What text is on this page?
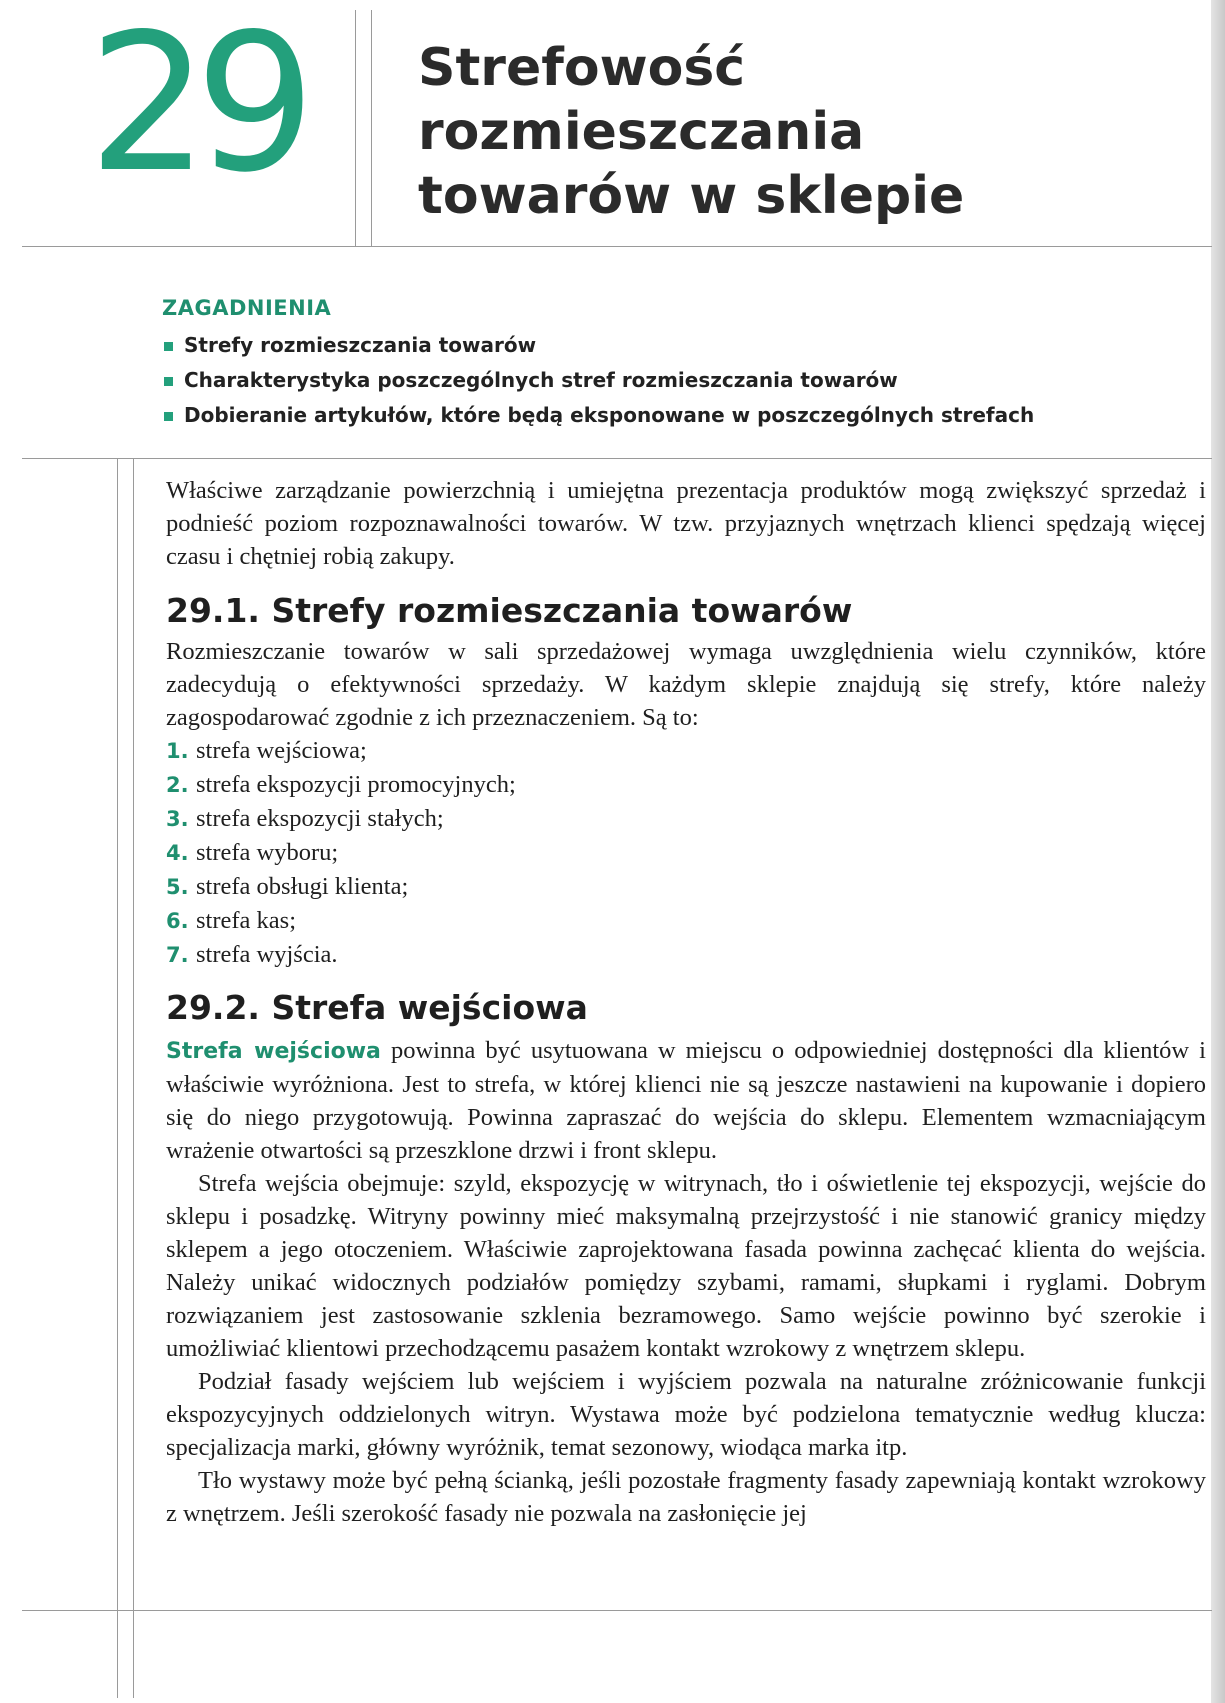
29 Strefowość rozmieszczania
towarów w sklepie
ZAGADNIENIA
Strefy rozmieszczania towarów
Charakterystyka poszczególnych stref rozmieszczania towarów
Dobieranie artykułów, które będą eksponowane w poszczególnych strefach

Właściwe zarządzanie powierzchnią i umiejętna prezentacja produktów mogą zwiększyć sprzedaż i podnieść poziom rozpoznawalności towarów. W tzw. przyjaznych wnętrzach klienci spędzają więcej czasu i chętniej robią zakupy.

29.1. Strefy rozmieszczania towarów

Rozmieszczanie towarów w sali sprzedażowej wymaga uwzględnienia wielu czynników, które zadecydują o efektywności sprzedaży. W każdym sklepie znajdują się strefy, które należy zagospodarować zgodnie z ich przeznaczeniem. Są to:

1. strefa wejściowa;
2. strefa ekspozycji promocyjnych;
3. strefa ekspozycji stałych;
4. strefa wyboru;
5. strefa obsługi klienta;
6. strefa kas;
7. strefa wyjścia.
29.2. Strefa wejściowa

Strefa wejściowa powinna być usytuowana w miejscu o odpowiedniej dostępności dla klientów i właściwie wyróżniona. Jest to strefa, w której klienci nie są jeszcze nastawieni na kupowanie i dopiero się do niego przygotowują. Powinna zapraszać do wejścia do sklepu. Elementem wzmacniającym wrażenie otwartości są przeszklone drzwi i front sklepu.

Strefa wejścia obejmuje: szyld, ekspozycję w witrynach, tło i oświetlenie tej ekspozycji, wejście do sklepu i posadzkę. Witryny powinny mieć maksymalną przejrzystość i nie stanowić granicy między sklepem a jego otoczeniem. Właściwie zaprojektowana fasada powinna zachęcać klienta do wejścia. Należy unikać widocznych podziałów pomiędzy szybami, ramami, słupkami i ryglami. Dobrym rozwiązaniem jest zastosowanie szklenia bezramowego. Samo wejście powinno być szerokie i umożliwiać klientowi przechodzącemu pasażem kontakt wzrokowy z wnętrzem sklepu.

Podział fasady wejściem lub wejściem i wyjściem pozwala na naturalne zróżnicowanie funkcji ekspozycyjnych oddzielonych witryn. Wystawa może być podzielona tematycznie według klucza: specjalizacja marki, główny wyróżnik, temat sezonowy, wiodąca marka itp.

Tło wystawy może być pełną ścianką, jeśli pozostałe fragmenty fasady zapewniają kontakt wzrokowy z wnętrzem. Jeśli szerokość fasady nie pozwala na zasłonięcie jej
